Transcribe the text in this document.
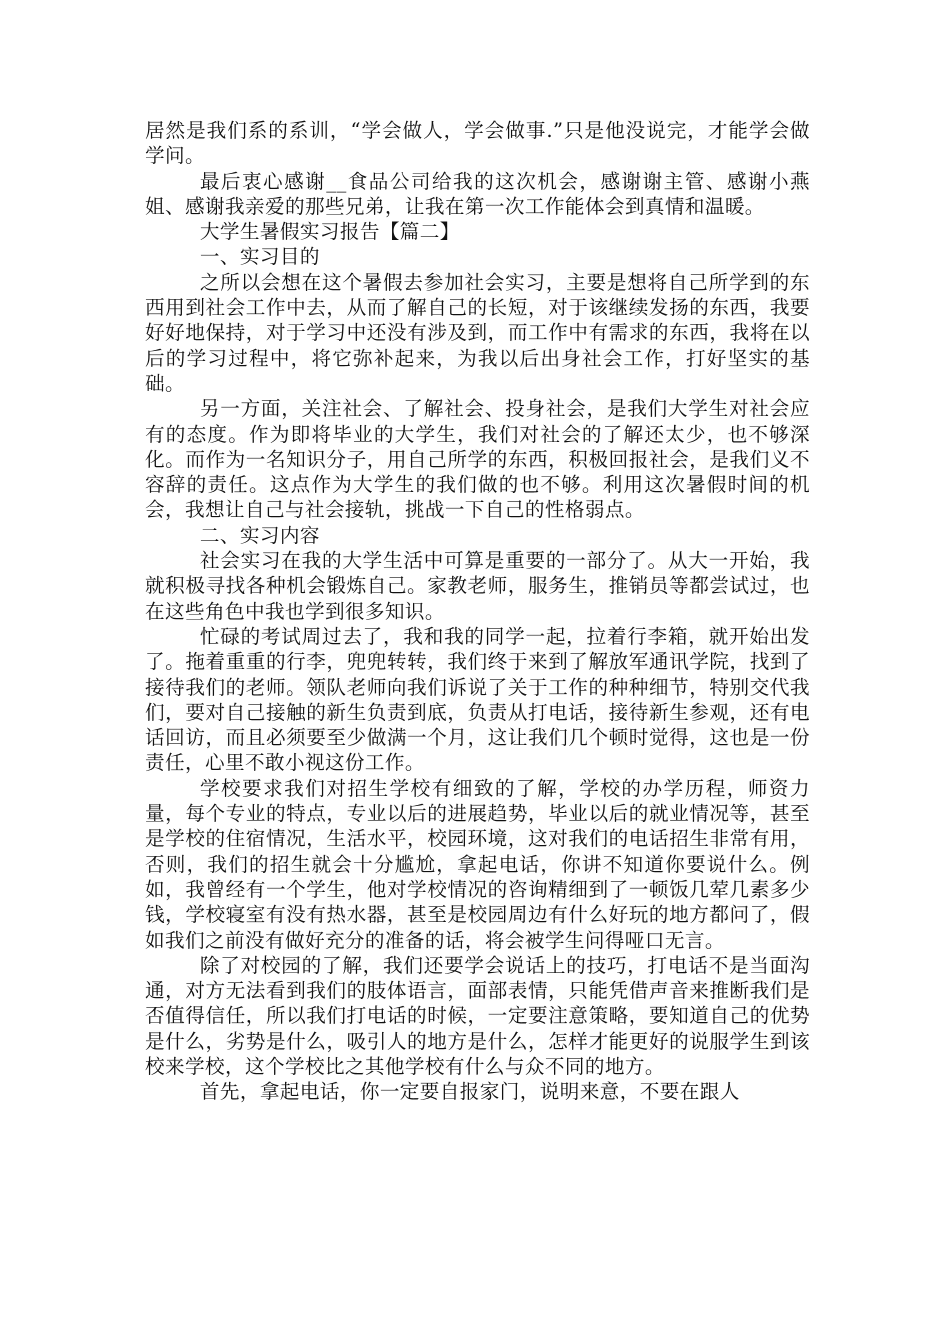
居然是我们系的系训，“学会做人，学会做事.”只是他没说完，才能学会做学问。

最后衷心感谢__食品公司给我的这次机会，感谢谢主管、感谢小燕姐、感谢我亲爱的那些兄弟，让我在第一次工作能体会到真情和温暖。

大学生暑假实习报告【篇二】

一、实习目的

之所以会想在这个暑假去参加社会实习，主要是想将自己所学到的东西用到社会工作中去，从而了解自己的长短，对于该继续发扬的东西，我要好好地保持，对于学习中还没有涉及到，而工作中有需求的东西，我将在以后的学习过程中，将它弥补起来，为我以后出身社会工作，打好坚实的基础。

另一方面，关注社会、了解社会、投身社会，是我们大学生对社会应有的态度。作为即将毕业的大学生，我们对社会的了解还太少，也不够深化。而作为一名知识分子，用自己所学的东西，积极回报社会，是我们义不容辞的责任。这点作为大学生的我们做的也不够。利用这次暑假时间的机会，我想让自己与社会接轨，挑战一下自己的性格弱点。

二、实习内容

社会实习在我的大学生活中可算是重要的一部分了。从大一开始，我就积极寻找各种机会锻炼自己。家教老师，服务生，推销员等都尝试过，也在这些角色中我也学到很多知识。

忙碌的考试周过去了，我和我的同学一起，拉着行李箱，就开始出发了。拖着重重的行李，兜兜转转，我们终于来到了解放军通讯学院，找到了接待我们的老师。领队老师向我们诉说了关于工作的种种细节，特别交代我们，要对自己接触的新生负责到底，负责从打电话，接待新生参观，还有电话回访，而且必须要至少做满一个月，这让我们几个顿时觉得，这也是一份责任，心里不敢小视这份工作。

学校要求我们对招生学校有细致的了解，学校的办学历程，师资力量，每个专业的特点，专业以后的进展趋势，毕业以后的就业情况等，甚至是学校的住宿情况，生活水平，校园环境，这对我们的电话招生非常有用，否则，我们的招生就会十分尴尬，拿起电话，你讲不知道你要说什么。例如，我曾经有一个学生，他对学校情况的咨询精细到了一顿饭几荤几素多少钱，学校寝室有没有热水器，甚至是校园周边有什么好玩的地方都问了，假如我们之前没有做好充分的准备的话，将会被学生问得哑口无言。

除了对校园的了解，我们还要学会说话上的技巧，打电话不是当面沟通，对方无法看到我们的肢体语言，面部表情，只能凭借声音来推断我们是否值得信任，所以我们打电话的时候，一定要注意策略，要知道自己的优势是什么，劣势是什么，吸引人的地方是什么，怎样才能更好的说服学生到该校来学校，这个学校比之其他学校有什么与众不同的地方。

首先，拿起电话，你一定要自报家门，说明来意，不要在跟人
